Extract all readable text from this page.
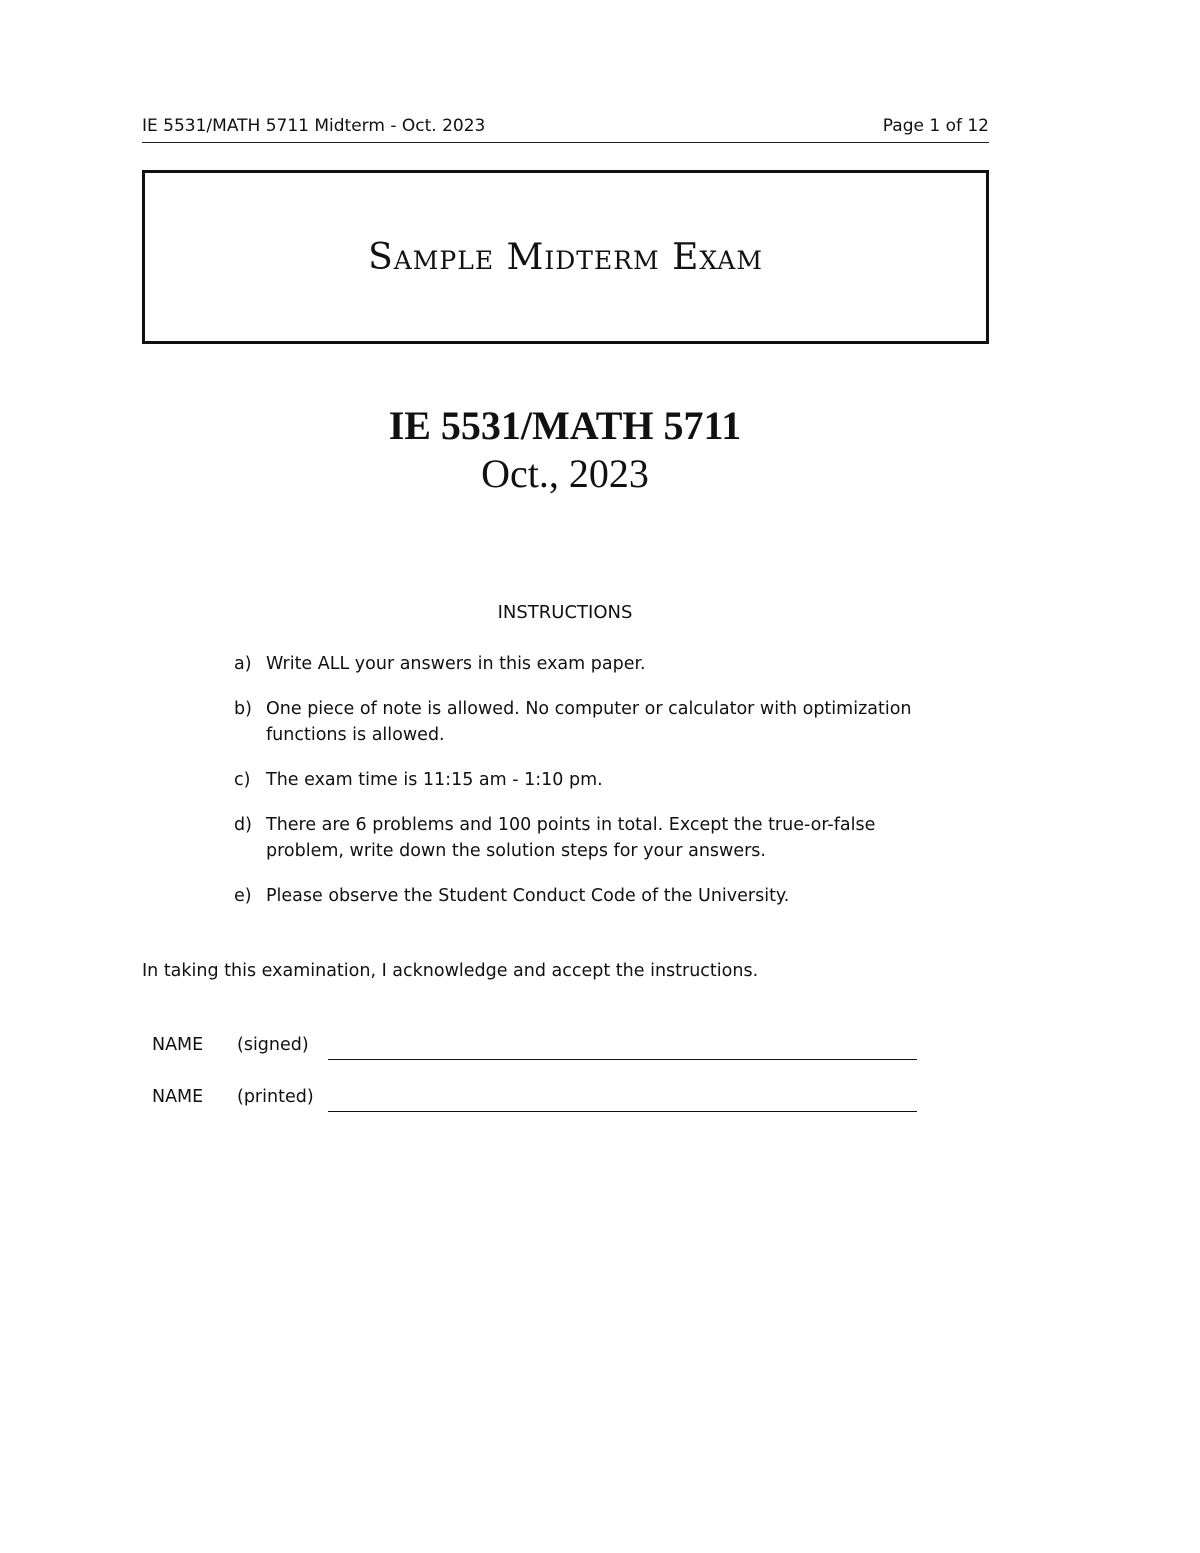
IE 5531/MATH 5711 Midterm - Oct. 2023	Page 1 of 12
Sample Midterm Exam
IE 5531/MATH 5711
Oct., 2023
INSTRUCTIONS
a) Write ALL your answers in this exam paper.
b) One piece of note is allowed. No computer or calculator with optimization functions is allowed.
c) The exam time is 11:15 am - 1:10 pm.
d) There are 6 problems and 100 points in total. Except the true-or-false problem, write down the solution steps for your answers.
e) Please observe the Student Conduct Code of the University.
In taking this examination, I acknowledge and accept the instructions.
NAME (signed)
NAME (printed)
